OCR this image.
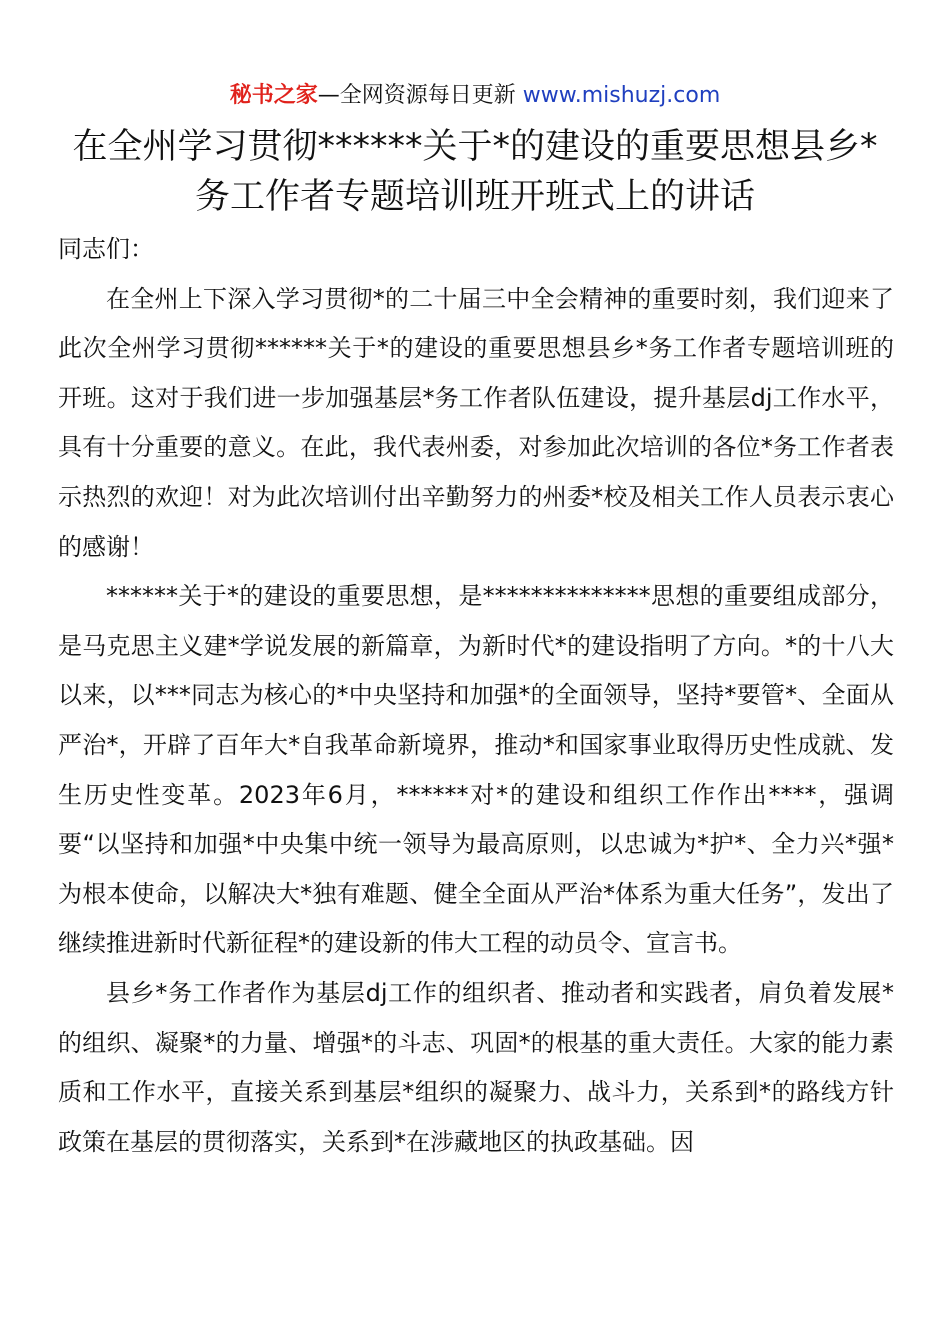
秘书之家—全网资源每日更新 www.mishuzj.com
在全州学习贯彻******关于*的建设的重要思想县乡*
务工作者专题培训班开班式上的讲话

同志们：

在全州上下深入学习贯彻*的二十届三中全会精神的重要时刻，我们迎来了此次全州学习贯彻******关于*的建设的重要思想县乡*务工作者专题培训班的开班。这对于我们进一步加强基层*务工作者队伍建设，提升基层dj工作水平，具有十分重要的意义。在此，我代表州委，对参加此次培训的各位*务工作者表示热烈的欢迎！对为此次培训付出辛勤努力的州委*校及相关工作人员表示衷心的感谢！

******关于*的建设的重要思想，是**************思想的重要组成部分，是马克思主义建*学说发展的新篇章，为新时代*的建设指明了方向。*的十八大以来，以***同志为核心的*中央坚持和加强*的全面领导，坚持*要管*、全面从严治*，开辟了百年大*自我革命新境界，推动*和国家事业取得历史性成就、发生历史性变革。2023年6月，******对*的建设和组织工作作出****，强调要“以坚持和加强*中央集中统一领导为最高原则，以忠诚为*护*、全力兴*强*为根本使命，以解决大*独有难题、健全全面从严治*体系为重大任务”，发出了继续推进新时代新征程*的建设新的伟大工程的动员令、宣言书。

县乡*务工作者作为基层dj工作的组织者、推动者和实践者，肩负着发展*的组织、凝聚*的力量、增强*的斗志、巩固*的根基的重大责任。大家的能力素质和工作水平，直接关系到基层*组织的凝聚力、战斗力，关系到*的路线方针政策在基层的贯彻落实，关系到*在涉藏地区的执政基础。因
